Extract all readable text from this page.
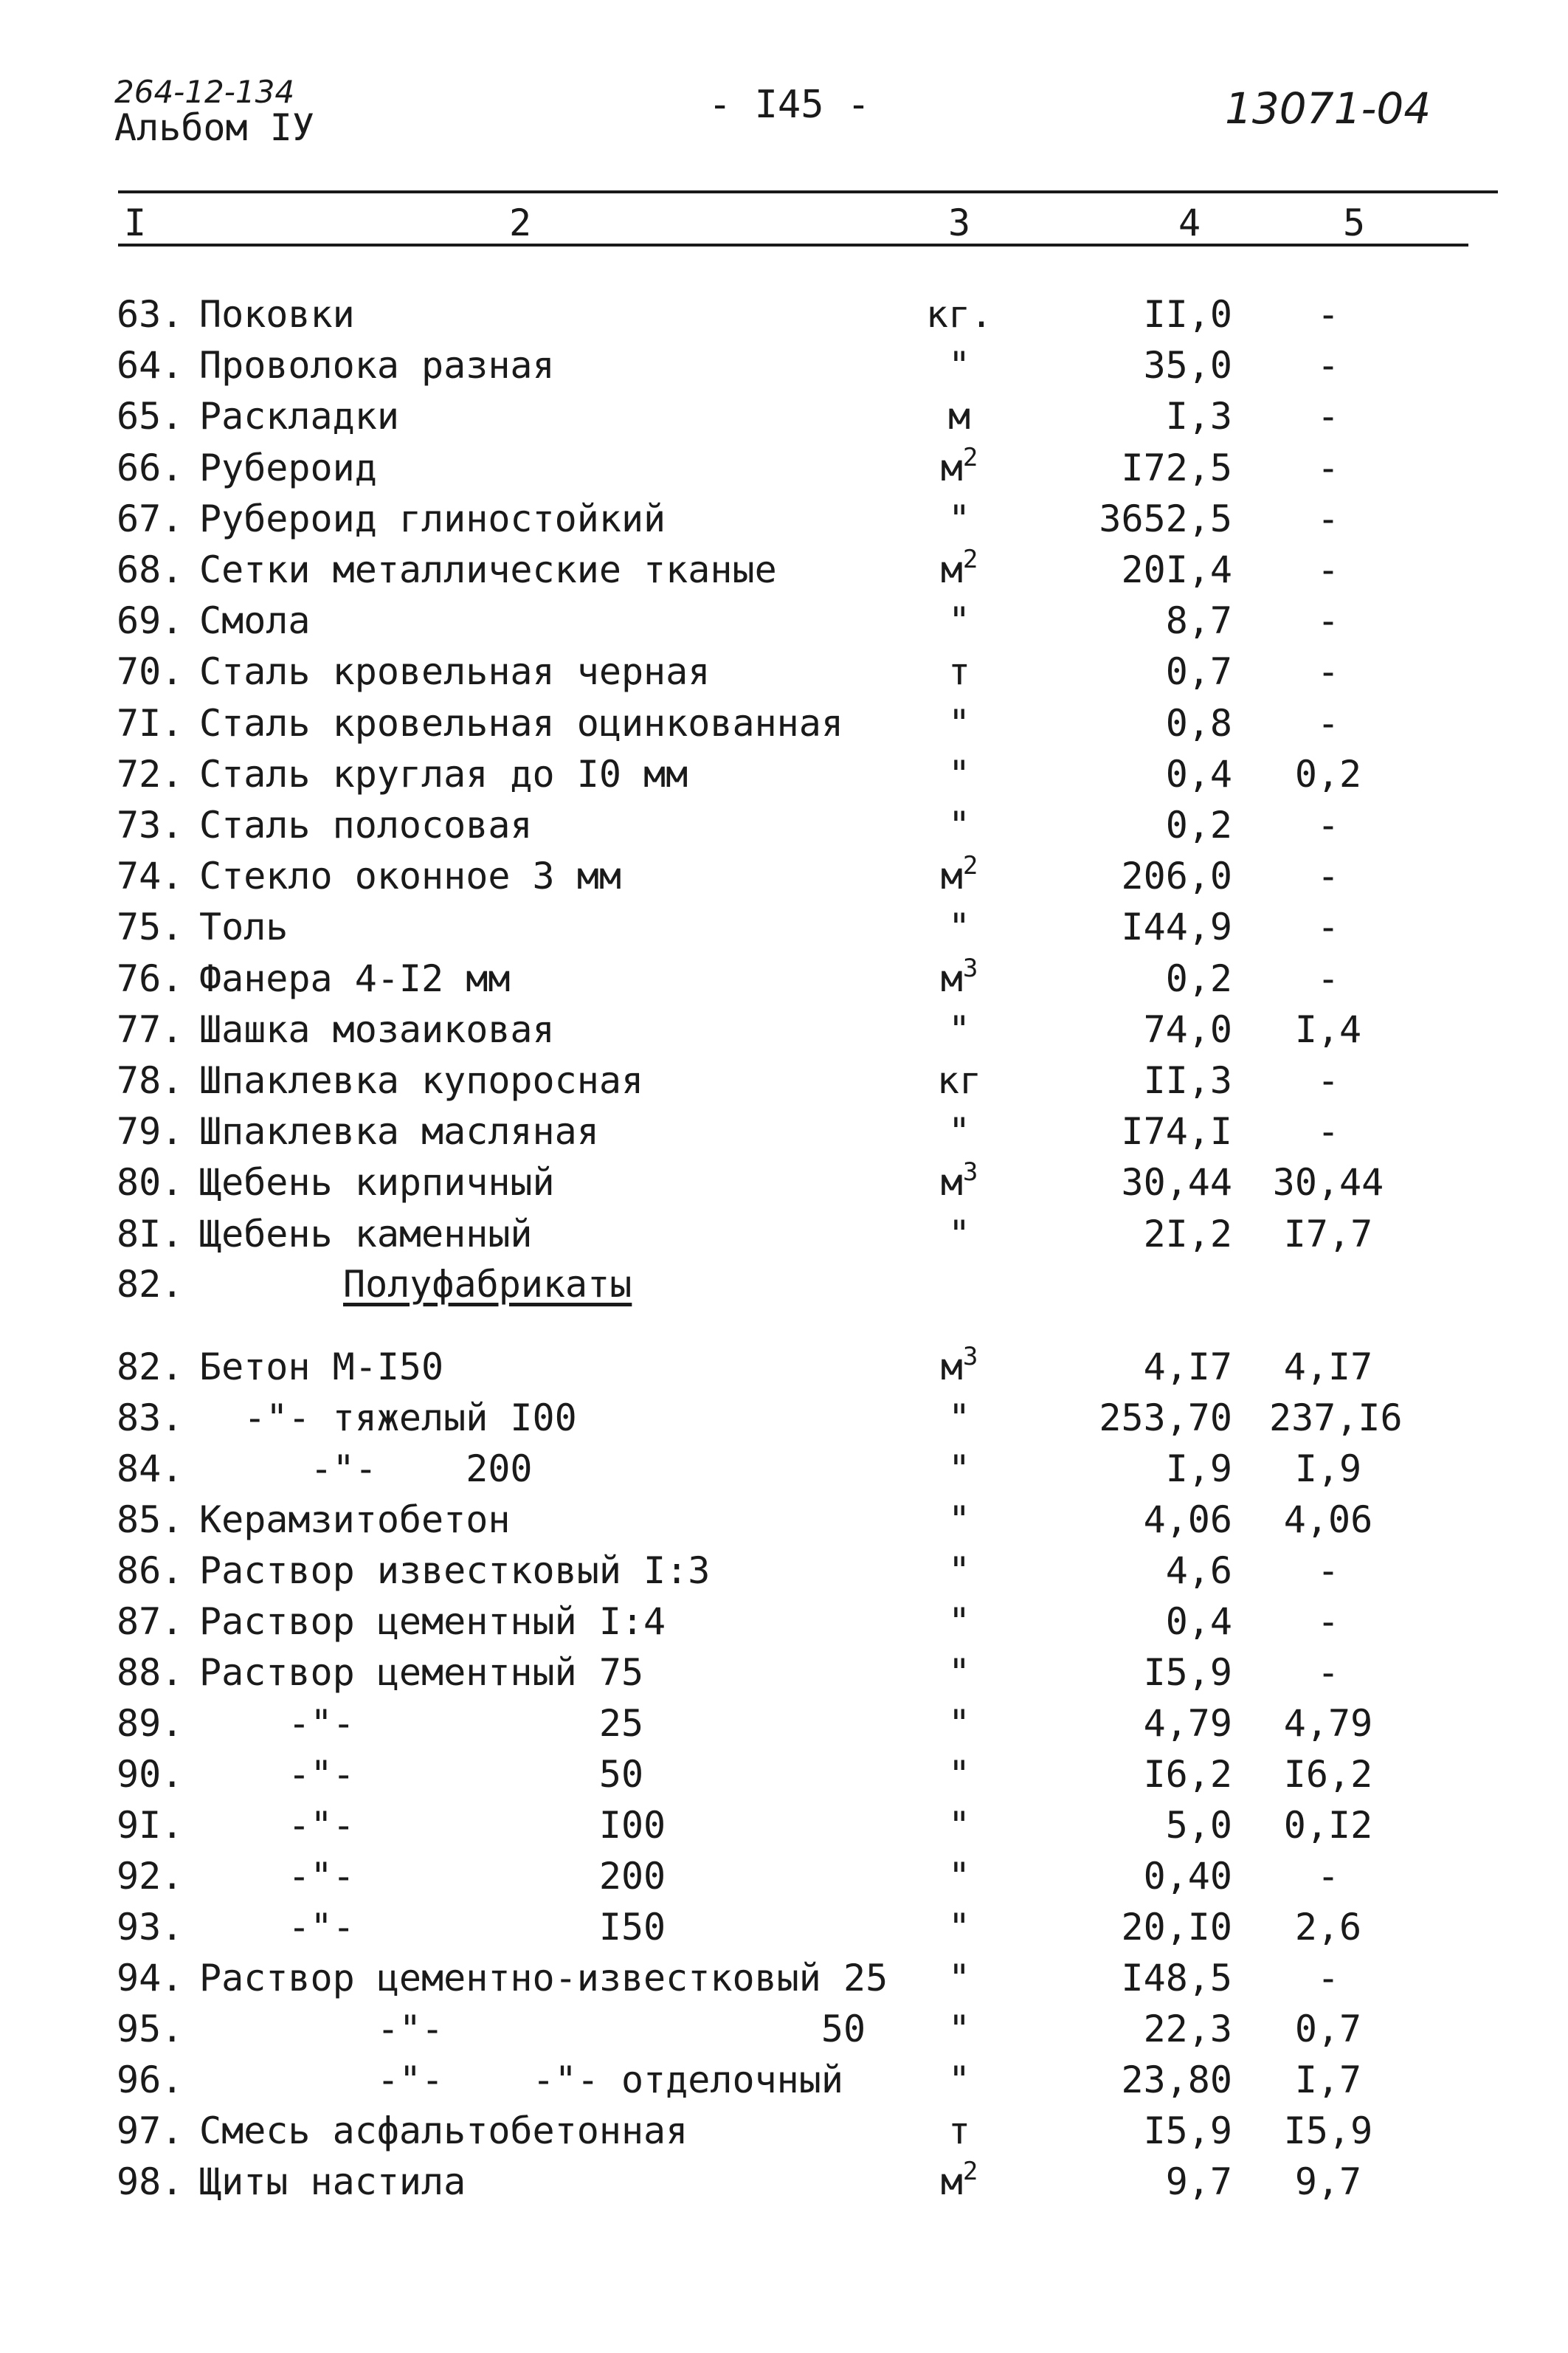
264-12-134
Альбом IУ
- I45 -	13071-04
I	2	3	4	5
63. Поковки	кг.	II,0	-
64. Проволока разная	"	35,0	-
65. Раскладки	м	I,3	-
66. Рубероид	$м^2$	I72,5	-
67. Рубероид глиностойкий	"	3652,5	-
68. Сетки металлические тканые	$м^2$	20I,4	-
69. Смола	"	8,7	-
70. Сталь кровельная черная	т	0,7	-
7I. Сталь кровельная оцинкованная	"	0,8	-
72. Сталь круглая до I0 мм	"	0,4	0,2
73. Сталь полосовая	"	0,2	-
74. Стекло оконное 3 мм	$м^2$	206,0	-
75. Толь	"	I44,9	-
76. Фанера 4-I2 мм	$м^3$	0,2	-
77. Шашка мозаиковая	"	74,0	I,4
78. Шпаклевка купоросная	кг	II,3	-
79. Шпаклевка масляная	"	I74,I	-
80. Щебень кирпичный	$м^3$	30,44 30,44
8I. Щебень каменный	"	2I,2	I7,7
82.	Полуфабрикаты
82. Бетон М-I50	$м^3$	4,I7	4,I7
83. -"- тяжелый I00	"	253,70 237,I6
84. -"-    200	"	I,9	I,9
85. Керамзитобетон	"	4,06	4,06
86. Раствор известковый I:3	"	4,6	-
87. Раствор цементный I:4	"	0,4	-
88. Раствор цементный 75	"	I5,9	-
89. -"-           25	"	4,79	4,79
90. -"-           50	"	I6,2	I6,2
9I. -"-           I00	"	5,0	0,I2
92. -"-           200	"	0,40	-
93. -"-           I50	"	20,I0	2,6
94. Раствор цементно-известковый 25	"	I48,5	-
95. -"-                 50	"	22,3	0,7
96. -"-    -"- отделочный	"	23,80	I,7
97. Смесь асфальтобетонная	т	I5,9	I5,9
98. Щиты настила	$м^2$	9,7	9,7
